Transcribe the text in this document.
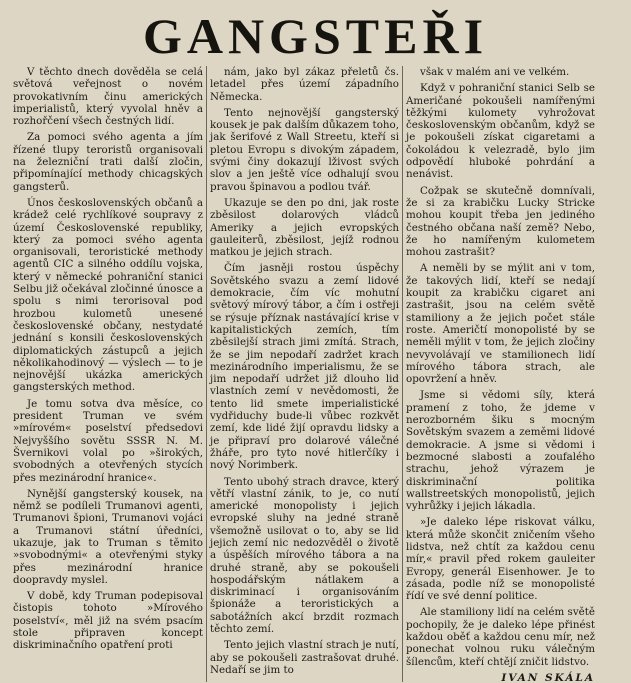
GANGSTEŘI

V těchto dnech dověděla se celá světová veřejnost o novém provokativním činu amerických imperialistů, který vyvolal hněv a rozhořčení všech čestných lidí.

Za pomoci svého agenta a jím řízené tlupy teroristů organisovali na železniční trati další zločin, připomínající methody chicagských gangsterů.

Únos československých občanů a krádež celé rychlíkové soupravy z území Československé republiky, který za pomoci svého agenta organisovali, teroristické methody agentů CIC a silného oddílu vojska, který v německé pohraniční stanici Selbu již očekával zločinné únosce a spolu s nimi terorisoval pod hrozbou kulometů unesené československé občany, nestydaté jednání s konsili československých diplomatických zástupců a jejich několikahodinový — výslech — to je nejnovější ukázka amerických gangsterských method.

Je tomu sotva dva měsíce, co president Truman ve svém »mírovém« poselství předsedovi Nejvyššího sovětu SSSR N. M. Švernikovi volal po »širokých, svobodných a otevřených stycích přes mezinárodní hranice«.

Nynější gangsterský kousek, na němž se podíleli Trumanovi agenti, Trumanovi špioni, Trumanovi vojáci a Trumanovi státní úředníci, ukazuje, jak to Truman s těmito »svobodnými« a otevřenými styky přes mezinárodní hranice doopravdy myslel.

V době, kdy Truman podepisoval čistopis tohoto »Mírového poselství«, měl již na svém psacím stole připraven koncept diskriminačního opatření proti

nám, jako byl zákaz přeletů čs. letadel přes území západního Německa.

Tento nejnovější gangsterský kousek je pak dalším důkazem toho, jak šerifové z Wall Streetu, kteří si pletou Evropu s divokým západem, svými činy dokazují lživost svých slov a jen ještě více odhalují svou pravou špinavou a podlou tvář.

Ukazuje se den po dni, jak roste zběsilost dolarových vládců Ameriky a jejich evropských gauleiterů, zběsilost, jejíž rodnou matkou je jejich strach.

Čím jasněji rostou úspěchy Sovětského svazu a zemí lidové demokracie, čím víc mohutní světový mírový tábor, a čím i ostřeji se rýsuje příznak nastávající krise v kapitalistických zemích, tím zběsilejší strach jimi zmítá. Strach, že se jim nepodaří zadržet krach mezinárodního imperialismu, že se jim nepodaří udržet již dlouho lid vlastních zemí v nevědomosti, že tento lid smete imperialistické vydřiduchy bude-li vůbec rozkvět zemí, kde lidé žijí opravdu lidsky a je připraví pro dolarové válečné žháře, pro tyto nové hitlerčíky i nový Norimberk.

Tento ubohý strach dravce, který větří vlastní zánik, to je, co nutí americké monopolisty i jejich evropské sluhy na jedné straně všemožně usilovat o to, aby se lid jejich zemí nic nedozvěděl o životě a úspěších mírového tábora a na druhé straně, aby se pokoušeli hospodářským nátlakem a diskriminací i organisováním špionáže a teroristických a sabotážních akcí brzdit rozmach těchto zemí.

Tento jejich vlastní strach je nutí, aby se pokoušeli zastrašovat druhé. Nedaří se jim to

však v malém ani ve velkém.

Když v pohraniční stanici Selb se Američané pokoušeli namířenými těžkými kulomety vyhrožovat československým občanům, když se je pokoušeli získat cigaretami a čokoládou k velezradě, bylo jim odpovědí hluboké pohrdání a nenávist.

Cožpak se skutečně domnívali, že si za krabičku Lucky Stricke mohou koupit třeba jen jediného čestného občana naší země? Nebo, že ho namířeným kulometem mohou zastrašit?

A neměli by se mýlit ani v tom, že takových lidí, kteří se nedají koupit za krabičku cigaret ani zastrašit, jsou na celém světě stamiliony a že jejich počet stále roste. Američtí monopolisté by se neměli mýlit v tom, že jejich zločiny nevyvolávají ve stamilionech lidí mírového tábora strach, ale opovržení a hněv.

Jsme si vědomi síly, která pramení z toho, že jdeme v nerozborném šiku s mocným Sovětským svazem a zeměmi lidové demokracie. A jsme si vědomi i bezmocné slabosti a zoufalého strachu, jehož výrazem je diskriminační politika wallstreetských monopolistů, jejich vyhrůžky i jejich lákadla.

»Je daleko lépe riskovat válku, která může skončit zničením všeho lidstva, než chtít za každou cenu mír,« pravil před rokem gauleiter Evropy, generál Eisenhower. Je to zásada, podle níž se monopolisté řídí ve své denní politice.

Ale stamiliony lidí na celém světě pochopily, že je daleko lépe přinést každou oběť a každou cenu mír, než ponechat volnou ruku válečným šílencům, kteří chtějí zničit lidstvo.

IVAN SKÁLA
